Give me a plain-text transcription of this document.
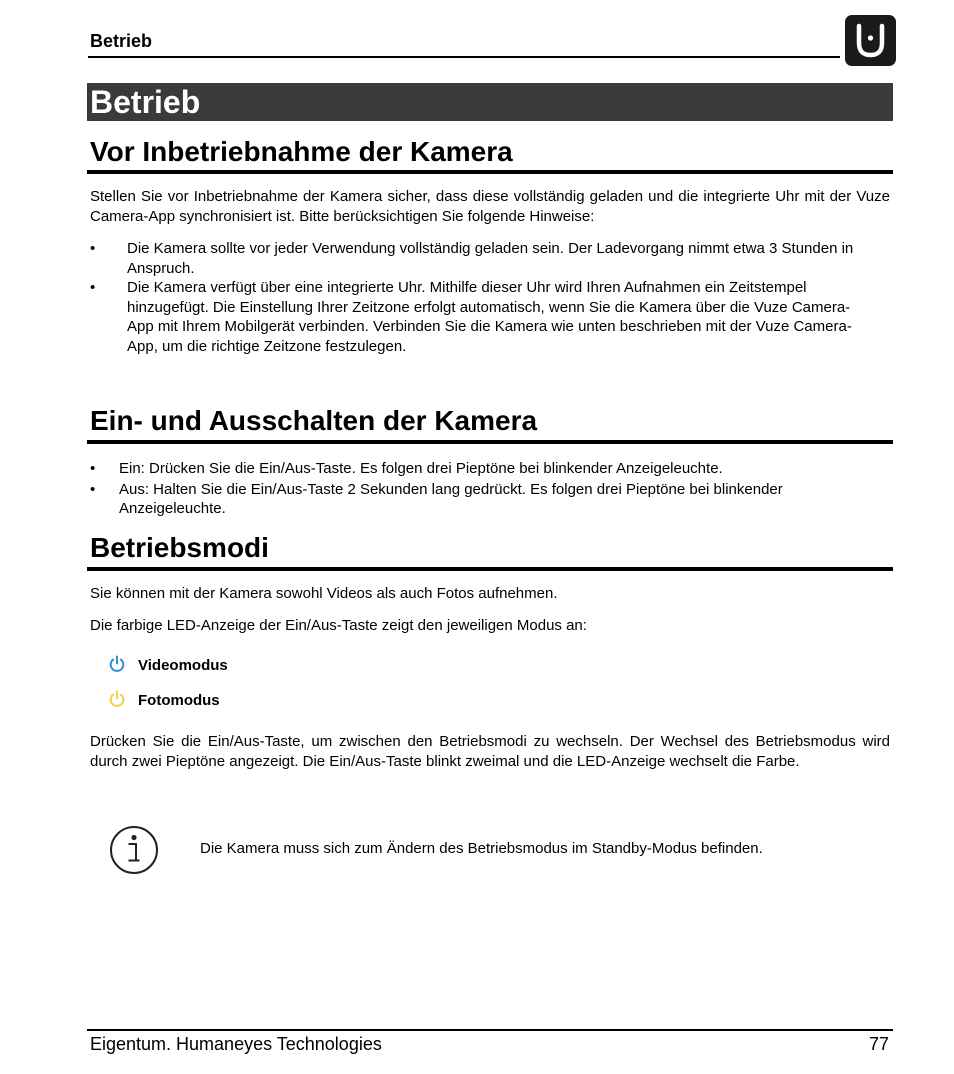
Betrieb
Betrieb
Vor Inbetriebnahme der Kamera
Stellen Sie vor Inbetriebnahme der Kamera sicher, dass diese vollständig geladen und die integrierte Uhr mit der Vuze Camera-App synchronisiert ist. Bitte berücksichtigen Sie folgende Hinweise:
• Die Kamera sollte vor jeder Verwendung vollständig geladen sein. Der Ladevorgang nimmt etwa 3 Stunden in Anspruch.
• Die Kamera verfügt über eine integrierte Uhr. Mithilfe dieser Uhr wird Ihren Aufnahmen ein Zeitstempel hinzugefügt. Die Einstellung Ihrer Zeitzone erfolgt automatisch, wenn Sie die Kamera über die Vuze Camera-App mit Ihrem Mobilgerät verbinden. Verbinden Sie die Kamera wie unten beschrieben mit der Vuze Camera-App, um die richtige Zeitzone festzulegen.
Ein- und Ausschalten der Kamera
• Ein: Drücken Sie die Ein/Aus-Taste. Es folgen drei Pieptöne bei blinkender Anzeigeleuchte.
• Aus: Halten Sie die Ein/Aus-Taste 2 Sekunden lang gedrückt. Es folgen drei Pieptöne bei blinkender Anzeigeleuchte.
Betriebsmodi
Sie können mit der Kamera sowohl Videos als auch Fotos aufnehmen.
Die farbige LED-Anzeige der Ein/Aus-Taste zeigt den jeweiligen Modus an:
Videomodus
Fotomodus
Drücken Sie die Ein/Aus-Taste, um zwischen den Betriebsmodi zu wechseln. Der Wechsel des Betriebsmodus wird durch zwei Pieptöne angezeigt. Die Ein/Aus-Taste blinkt zweimal und die LED-Anzeige wechselt die Farbe.
Die Kamera muss sich zum Ändern des Betriebsmodus im Standby-Modus befinden.
Eigentum. Humaneyes Technologies	77
